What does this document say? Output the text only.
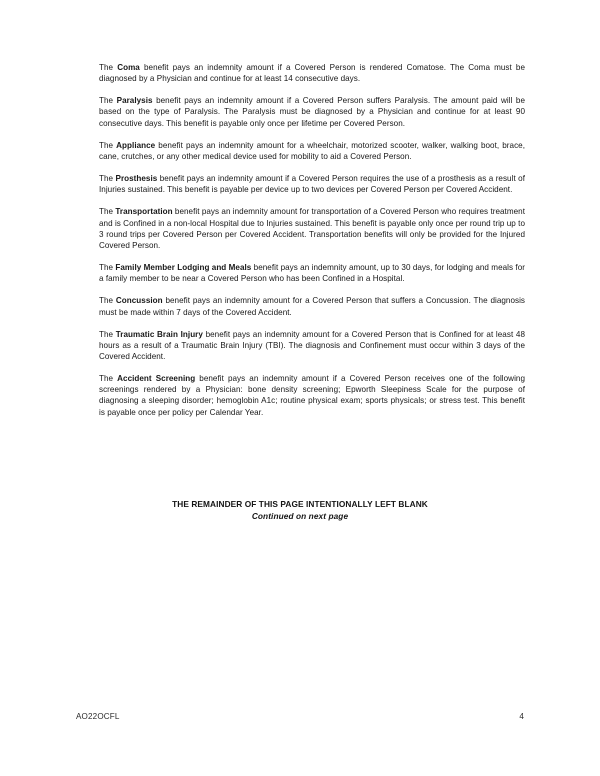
The Coma benefit pays an indemnity amount if a Covered Person is rendered Comatose. The Coma must be diagnosed by a Physician and continue for at least 14 consecutive days.

The Paralysis benefit pays an indemnity amount if a Covered Person suffers Paralysis. The amount paid will be based on the type of Paralysis. The Paralysis must be diagnosed by a Physician and continue for at least 90 consecutive days. This benefit is payable only once per lifetime per Covered Person.

The Appliance benefit pays an indemnity amount for a wheelchair, motorized scooter, walker, walking boot, brace, cane, crutches, or any other medical device used for mobility to aid a Covered Person.

The Prosthesis benefit pays an indemnity amount if a Covered Person requires the use of a prosthesis as a result of Injuries sustained. This benefit is payable per device up to two devices per Covered Person per Covered Accident.

The Transportation benefit pays an indemnity amount for transportation of a Covered Person who requires treatment and is Confined in a non-local Hospital due to Injuries sustained. This benefit is payable only once per round trip up to 3 round trips per Covered Person per Covered Accident. Transportation benefits will only be provided for the Injured Covered Person.

The Family Member Lodging and Meals benefit pays an indemnity amount, up to 30 days, for lodging and meals for a family member to be near a Covered Person who has been Confined in a Hospital.

The Concussion benefit pays an indemnity amount for a Covered Person that suffers a Concussion. The diagnosis must be made within 7 days of the Covered Accident.

The Traumatic Brain Injury benefit pays an indemnity amount for a Covered Person that is Confined for at least 48 hours as a result of a Traumatic Brain Injury (TBI). The diagnosis and Confinement must occur within 3 days of the Covered Accident.

The Accident Screening benefit pays an indemnity amount if a Covered Person receives one of the following screenings rendered by a Physician: bone density screening; Epworth Sleepiness Scale for the purpose of diagnosing a sleeping disorder; hemoglobin A1c; routine physical exam; sports physicals; or stress test. This benefit is payable once per policy per Calendar Year.

THE REMAINDER OF THIS PAGE INTENTIONALLY LEFT BLANK
Continued on next page
AO22OCFL	4
